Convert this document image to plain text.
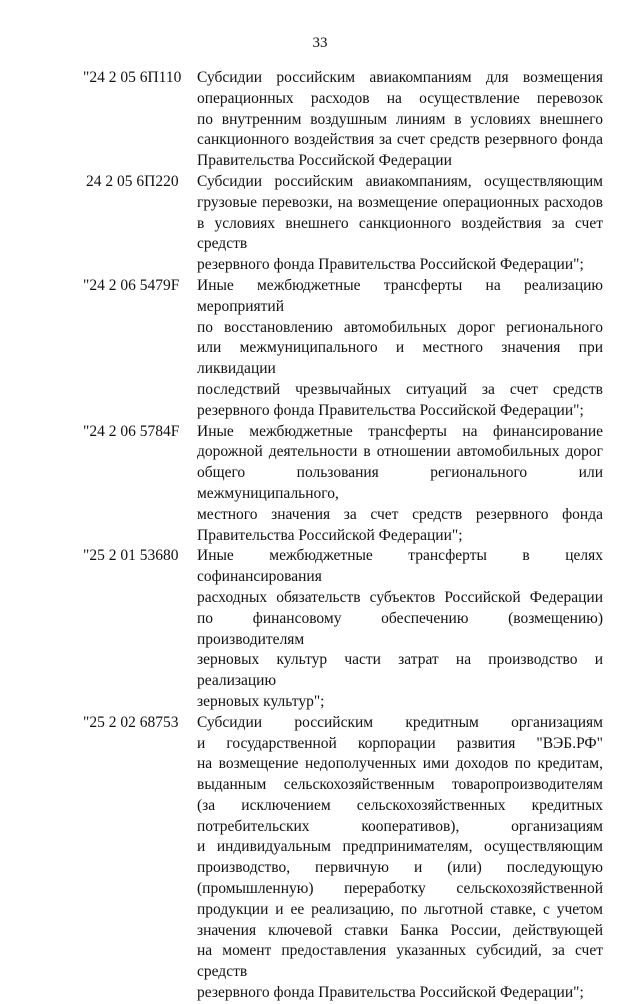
33
"24 2 05 6П110	Субсидии российским авиакомпаниям для возмещения
операционных расходов на осуществление перевозок
по внутренним воздушным линиям в условиях внешнего
санкционного воздействия за счет средств резервного фонда
Правительства Российской Федерации
24 2 05 6П220	Субсидии российским авиакомпаниям, осуществляющим
грузовые перевозки, на возмещение операционных расходов
в условиях внешнего санкционного воздействия за счет средств
резервного фонда Правительства Российской Федерации";
"24 2 06 5479F	Иные межбюджетные трансферты на реализацию мероприятий
по восстановлению автомобильных дорог регионального
или межмуниципального и местного значения при ликвидации
последствий чрезвычайных ситуаций за счет средств
резервного фонда Правительства Российской Федерации";
"24 2 06 5784F	Иные межбюджетные трансферты на финансирование
дорожной деятельности в отношении автомобильных дорог
общего пользования регионального или межмуниципального,
местного значения за счет средств резервного фонда
Правительства Российской Федерации";
"25 2 01 53680	Иные межбюджетные трансферты в целях софинансирования
расходных обязательств субъектов Российской Федерации
по финансовому обеспечению (возмещению) производителям
зерновых культур части затрат на производство и реализацию
зерновых культур";
"25 2 02 68753	Субсидии российским кредитным организациям
и государственной корпорации развития "ВЭБ.РФ"
на возмещение недополученных ими доходов по кредитам,
выданным сельскохозяйственным товаропроизводителям
(за исключением сельскохозяйственных кредитных
потребительских кооперативов), организациям
и индивидуальным предпринимателям, осуществляющим
производство, первичную и (или) последующую
(промышленную) переработку сельскохозяйственной
продукции и ее реализацию, по льготной ставке, с учетом
значения ключевой ставки Банка России, действующей
на момент предоставления указанных субсидий, за счет средств
резервного фонда Правительства Российской Федерации";
